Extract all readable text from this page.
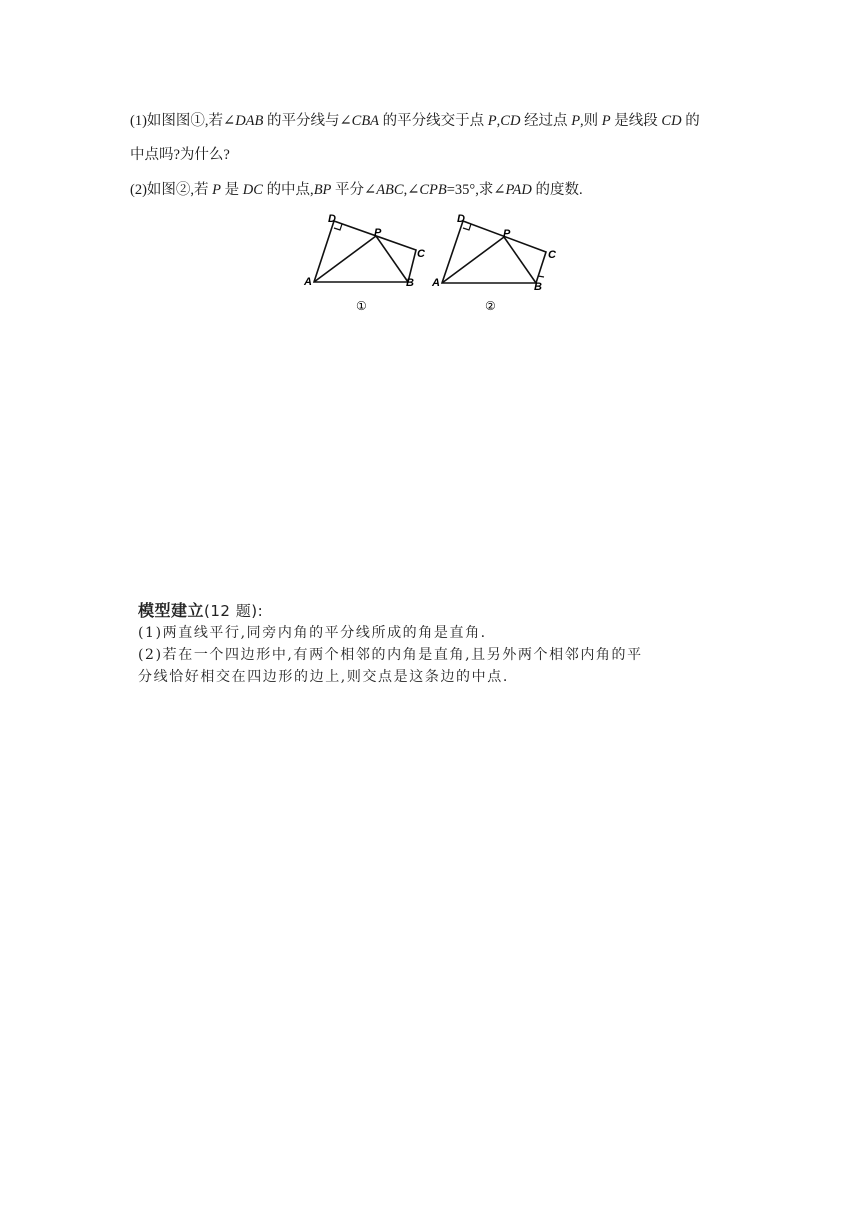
(1)如图图①,若∠DAB 的平分线与∠CBA 的平分线交于点 P,CD 经过点 P,则 P 是线段 CD 的
中点吗?为什么?
(2)如图②,若 P 是 DC 的中点,BP 平分∠ABC,∠CPB=35°,求∠PAD 的度数.
D
P
C
A	B
①
D
P
C
A	B
②
模型建立(12 题):
(1)两直线平行,同旁内角的平分线所成的角是直角.
(2)若在一个四边形中,有两个相邻的内角是直角,且另外两个相邻内角的平
分线恰好相交在四边形的边上,则交点是这条边的中点.
